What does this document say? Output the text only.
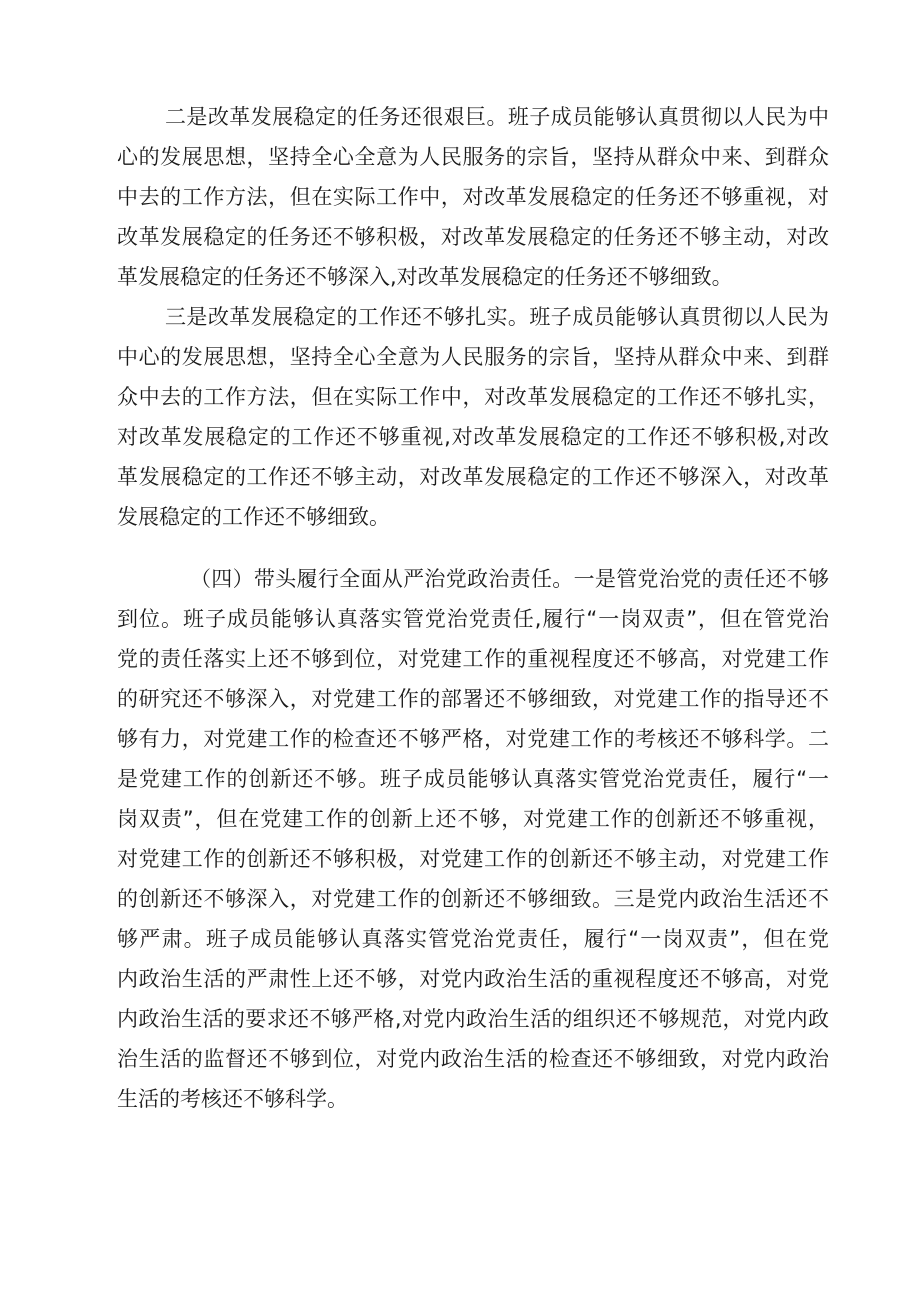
二是改革发展稳定的任务还很艰巨。班子成员能够认真贯彻以人民为中
心的发展思想，坚持全心全意为人民服务的宗旨，坚持从群众中来、到群众
中去的工作方法，但在实际工作中，对改革发展稳定的任务还不够重视，对
改革发展稳定的任务还不够积极，对改革发展稳定的任务还不够主动，对改
革发展稳定的任务还不够深入,对改革发展稳定的任务还不够细致。
三是改革发展稳定的工作还不够扎实。班子成员能够认真贯彻以人民为
中心的发展思想，坚持全心全意为人民服务的宗旨，坚持从群众中来、到群
众中去的工作方法，但在实际工作中，对改革发展稳定的工作还不够扎实，
对改革发展稳定的工作还不够重视,对改革发展稳定的工作还不够积极,对改
革发展稳定的工作还不够主动，对改革发展稳定的工作还不够深入，对改革
发展稳定的工作还不够细致。
（四）带头履行全面从严治党政治责任。一是管党治党的责任还不够
到位。班子成员能够认真落实管党治党责任,履行“一岗双责”，但在管党治
党的责任落实上还不够到位，对党建工作的重视程度还不够高，对党建工作
的研究还不够深入，对党建工作的部署还不够细致，对党建工作的指导还不
够有力，对党建工作的检查还不够严格，对党建工作的考核还不够科学。二
是党建工作的创新还不够。班子成员能够认真落实管党治党责任，履行“一
岗双责”，但在党建工作的创新上还不够，对党建工作的创新还不够重视，
对党建工作的创新还不够积极，对党建工作的创新还不够主动，对党建工作
的创新还不够深入，对党建工作的创新还不够细致。三是党内政治生活还不
够严肃。班子成员能够认真落实管党治党责任，履行“一岗双责”，但在党
内政治生活的严肃性上还不够，对党内政治生活的重视程度还不够高，对党
内政治生活的要求还不够严格,对党内政治生活的组织还不够规范，对党内政
治生活的监督还不够到位，对党内政治生活的检查还不够细致，对党内政治
生活的考核还不够科学。
